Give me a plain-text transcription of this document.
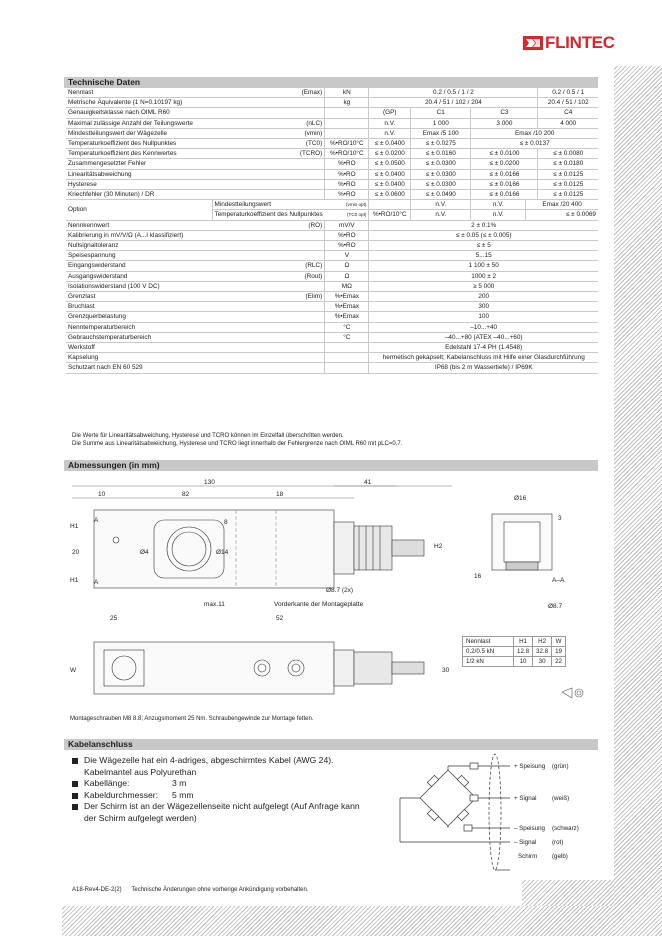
FLINTEC
Technische Daten
Nennlast	(Emax)	kN	0.2 / 0.5 / 1 / 2				0.2 / 0.5 / 1
Metrische Äquivalente (1 N=0.10197 kg)		kg	20.4 / 51 / 102 / 204				20.4 / 51 / 102
Genauigkeitsklasse nach OIML R60			(GP)	C1	C3		C4
Maximal zulässige Anzahl der Teilungswerte	(nLC)		n.V.	1 000	3 000		4 000
Mindestteilungswert der Wägezelle	(vmin)		n.V.	Emax /5 100	Emax /10 200		
Temperaturkoeffizient des Nullpunktes	(TC0)	%•RO/10°C	≤ ± 0.0400	≤ ± 0.0275	≤ ± 0.0137		
Temperaturkoeffizient des Kennwertes	(TCRO)	%•RO/10°C	≤ ± 0.0200	≤ ± 0.0160	≤ ± 0.0100		≤ ± 0.0080
Zusammengesetzter Fehler		%•RO	≤ ± 0.0500	≤ ± 0.0300	≤ ± 0.0200		≤ ± 0.0180
Linearitätsabweichung		%•RO	≤ ± 0.0400	≤ ± 0.0300	≤ ± 0.0166		≤ ± 0.0125
Hysterese		%•RO	≤ ± 0.0400	≤ ± 0.0300	≤ ± 0.0166		≤ ± 0.0125
Kriechfehler (30 Minuten) / DR		%•RO	≤ ± 0.0600	≤ ± 0.0490	≤ ± 0.0166		≤ ± 0.0125
Option	Mindestteilungswert	(vmin opt)		n.V.	n.V.	Emax /20 400	
	Temperaturkoeffizient des Nullpunktes	(TC0 opt)	%•RO/10°C	n.V.	n.V.	≤ ± 0.0069	
Nennkennwert	(RO)	mV/V	2 ± 0.1%				
Kalibrierung in mV/V/Ω (A...I klassifiziert)		%•RO	≤ ± 0.05 (≤ ± 0.005)				
Nullsignaltoleranz		%•RO	≤ ± 5				
Speisespannung		V	5...15				
Eingangswiderstand	(RLC)	Ω	1 100 ± 50				
Ausgangswiderstand	(Rout)	Ω	1000 ± 2				
Isolationswiderstand (100 V DC)		MΩ	≥ 5 000				
Grenzlast	(Elim)	%•Emax	200				
Bruchlast		%•Emax	300				
Grenzquerbelastung		%•Emax	100				
Nenntemperaturbereich		°C	–10...+40				
Gebrauchstemperaturbereich		°C	–40...+80 (ATEX –40...+60)				
Werkstoff			Edelstahl 17-4 PH (1.4548)				
Kapselung			hermetisch gekapselt; Kabelanschluss mit Hilfe einer Glasdurchführung				
Schutzart nach EN 60 529			IP68 (bis 2 m Wassertiefe) / IP69K				
Die Werte für Linearitätsabweichung, Hysterese und TCRO können im Einzelfall überschritten werden.
Die Summe aus Linearitätsabweichung, Hysterese und TCRO liegt innerhalb der Fehlergrenze nach OIML R60 mit pLC=0,7.
Abmessungen (in mm)
130	41
10	82	18
H1
20
H1
A
A
8
Ø4	Ø14
H2
Ø8.7 (2x)
max.11	Vorderkante der Montageplatte
25	52
W	30
Ø16
3
16
A–A
Ø8.7
Nennlast	H1	H2	W
0.2/0.5 kN	12.8	32.8	19
1/2 kN	10	30	22
Montageschrauben M8 8.8; Anzugsmoment 25 Nm. Schraubengewinde zur Montage fetten.
Kabelanschluss
Die Wägezelle hat ein 4-adriges, abgeschirmtes Kabel (AWG 24). Kabelmantel aus Polyurethan
Kabellänge:	3 m
Kabeldurchmesser: 5 mm
Der Schirm ist an der Wägezellenseite nicht aufgelegt (Auf Anfrage kann der Schirm aufgelegt werden)
+ Speisung (grün)
+ Signal (weiß)
– Speisung (schwarz)
– Signal	(rot)
Schirm (gelb)
A18-Rev4-DE-2(2) Technische Änderungen ohne vorherige Ankündigung vorbehalten.
